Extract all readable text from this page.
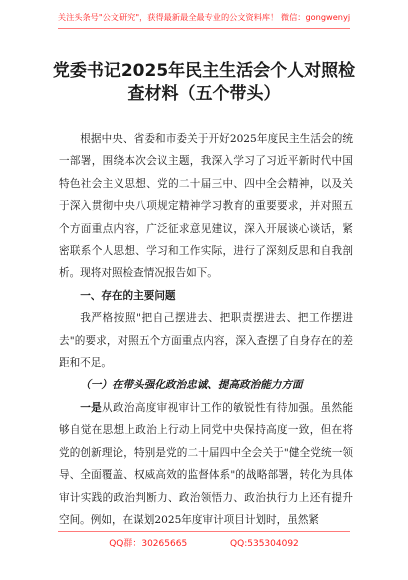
关注头条号"公文研究"，获得最新最全最专业的公文资料库！ 微信：gongwenyj
党委书记2025年民主生活会个人对照检
查材料（五个带头）

根据中央、省委和市委关于开好2025年度民主生活会的统一部署，围绕本次会议主题，我深入学习了习近平新时代中国特色社会主义思想、党的二十届三中、四中全会精神，以及关于深入贯彻中央八项规定精神学习教育的重要要求，并对照五个方面重点内容，广泛征求意见建议，深入开展谈心谈话，紧密联系个人思想、学习和工作实际，进行了深刻反思和自我剖析。现将对照检查情况报告如下。

一、存在的主要问题

我严格按照"把自己摆进去、把职责摆进去、把工作摆进去"的要求，对照五个方面重点内容，深入查摆了自身存在的差距和不足。

（一）在带头强化政治忠诚、提高政治能力方面

一是从政治高度审视审计工作的敏锐性有待加强。虽然能够自觉在思想上政治上行动上同党中央保持高度一致，但在将党的创新理论，特别是党的二十届四中全会关于"健全党统一领导、全面覆盖、权威高效的监督体系"的战略部署，转化为具体审计实践的政治判断力、政治领悟力、政治执行力上还有提升空间。例如，在谋划2025年度审计项目计划时，虽然紧

QQ群：30265665	QQ:535304092
